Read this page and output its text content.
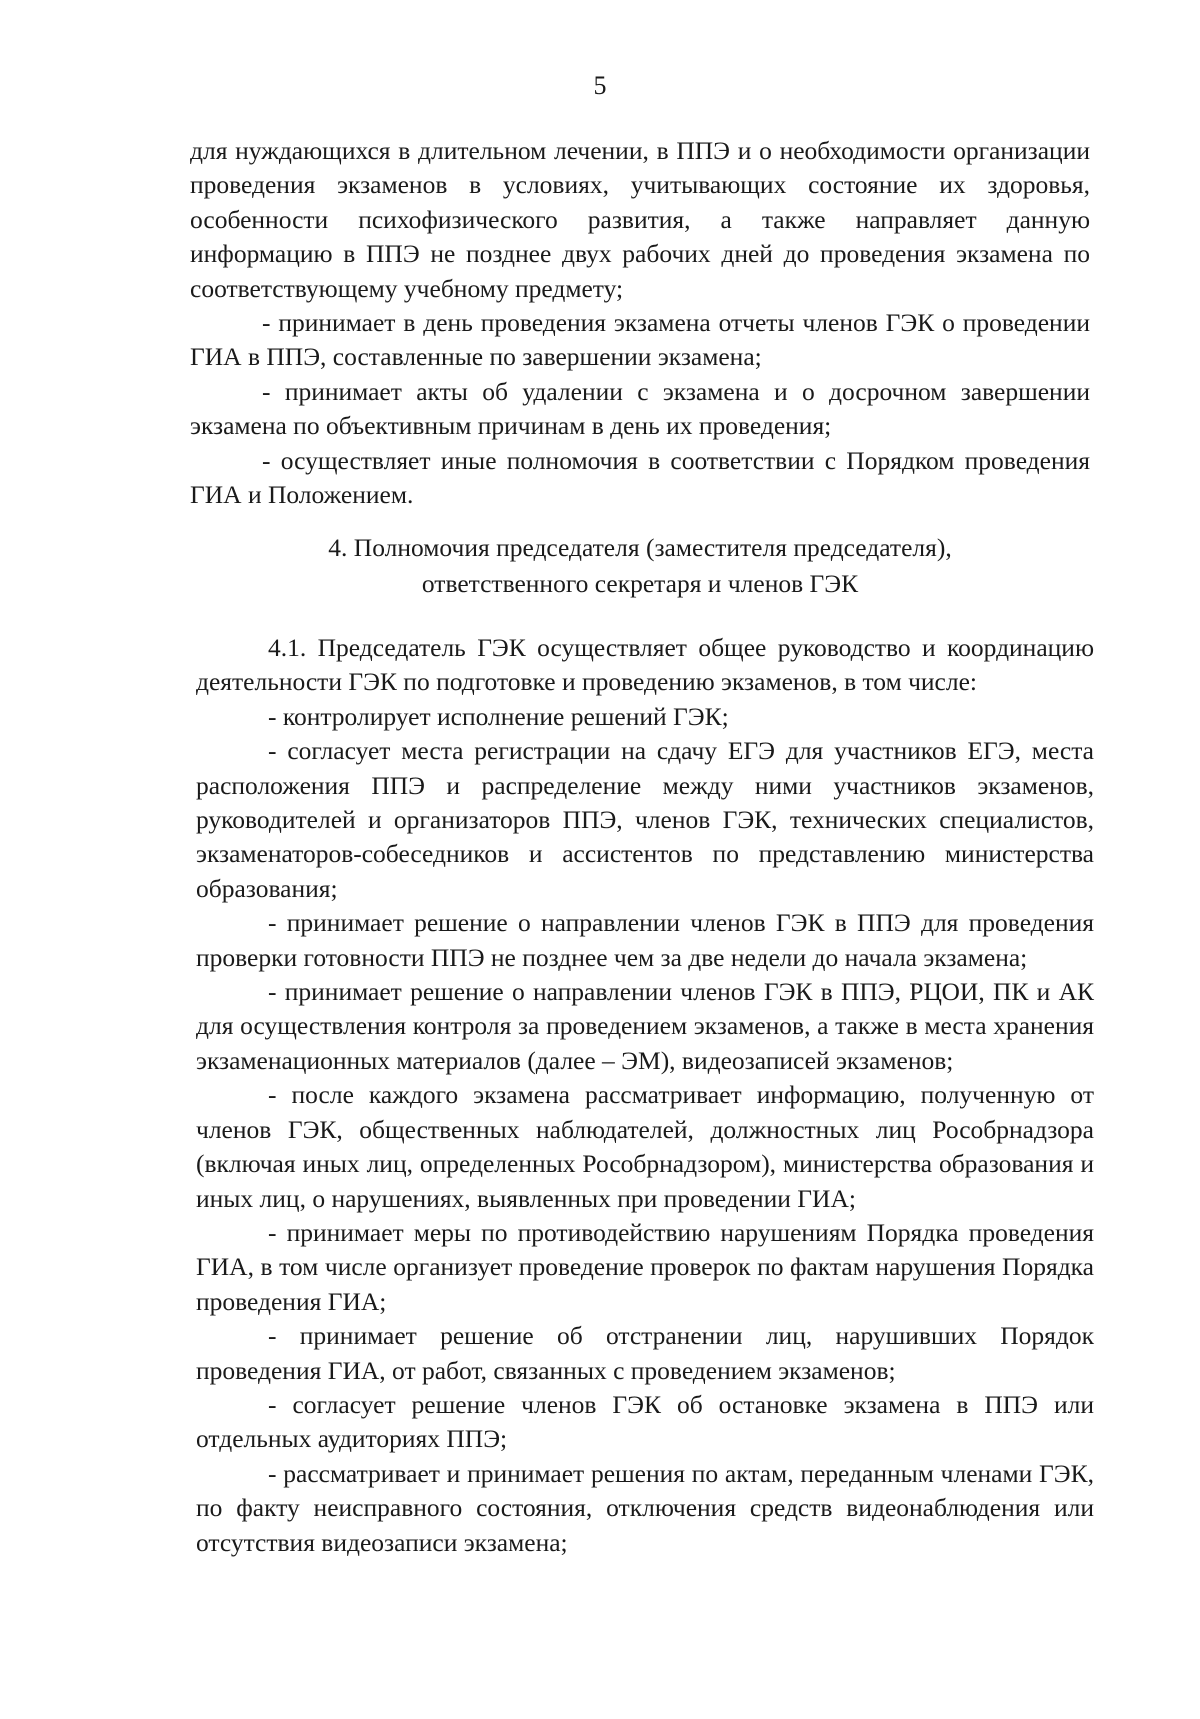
5

для нуждающихся в длительном лечении, в ППЭ и о необходимости организации проведения экзаменов в условиях, учитывающих состояние их здоровья, особенности психофизического развития, а также направляет данную информацию в ППЭ не позднее двух рабочих дней до проведения экзамена по соответствующему учебному предмету;

- принимает в день проведения экзамена отчеты членов ГЭК о проведении ГИА в ППЭ, составленные по завершении экзамена;

- принимает акты об удалении с экзамена и о досрочном завершении экзамена по объективным причинам в день их проведения;

- осуществляет иные полномочия в соответствии с Порядком проведения ГИА и Положением.

4. Полномочия председателя (заместителя председателя),
ответственного секретаря и членов ГЭК

4.1. Председатель ГЭК осуществляет общее руководство и координацию деятельности ГЭК по подготовке и проведению экзаменов, в том числе:

- контролирует исполнение решений ГЭК;

- согласует места регистрации на сдачу ЕГЭ для участников ЕГЭ, места расположения ППЭ и распределение между ними участников экзаменов, руководителей и организаторов ППЭ, членов ГЭК, технических специалистов, экзаменаторов-собеседников и ассистентов по представлению министерства образования;

- принимает решение о направлении членов ГЭК в ППЭ для проведения проверки готовности ППЭ не позднее чем за две недели до начала экзамена;

- принимает решение о направлении членов ГЭК в ППЭ, РЦОИ, ПК и АК для осуществления контроля за проведением экзаменов, а также в места хранения экзаменационных материалов (далее – ЭМ), видеозаписей экзаменов;

- после каждого экзамена рассматривает информацию, полученную от членов ГЭК, общественных наблюдателей, должностных лиц Рособрнадзора (включая иных лиц, определенных Рособрнадзором), министерства образования и иных лиц, о нарушениях, выявленных при проведении ГИА;

- принимает меры по противодействию нарушениям Порядка проведения ГИА, в том числе организует проведение проверок по фактам нарушения Порядка проведения ГИА;

- принимает решение об отстранении лиц, нарушивших Порядок проведения ГИА, от работ, связанных с проведением экзаменов;

- согласует решение членов ГЭК об остановке экзамена в ППЭ или отдельных аудиториях ППЭ;

- рассматривает и принимает решения по актам, переданным членами ГЭК, по факту неисправного состояния, отключения средств видеонаблюдения или отсутствия видеозаписи экзамена;
